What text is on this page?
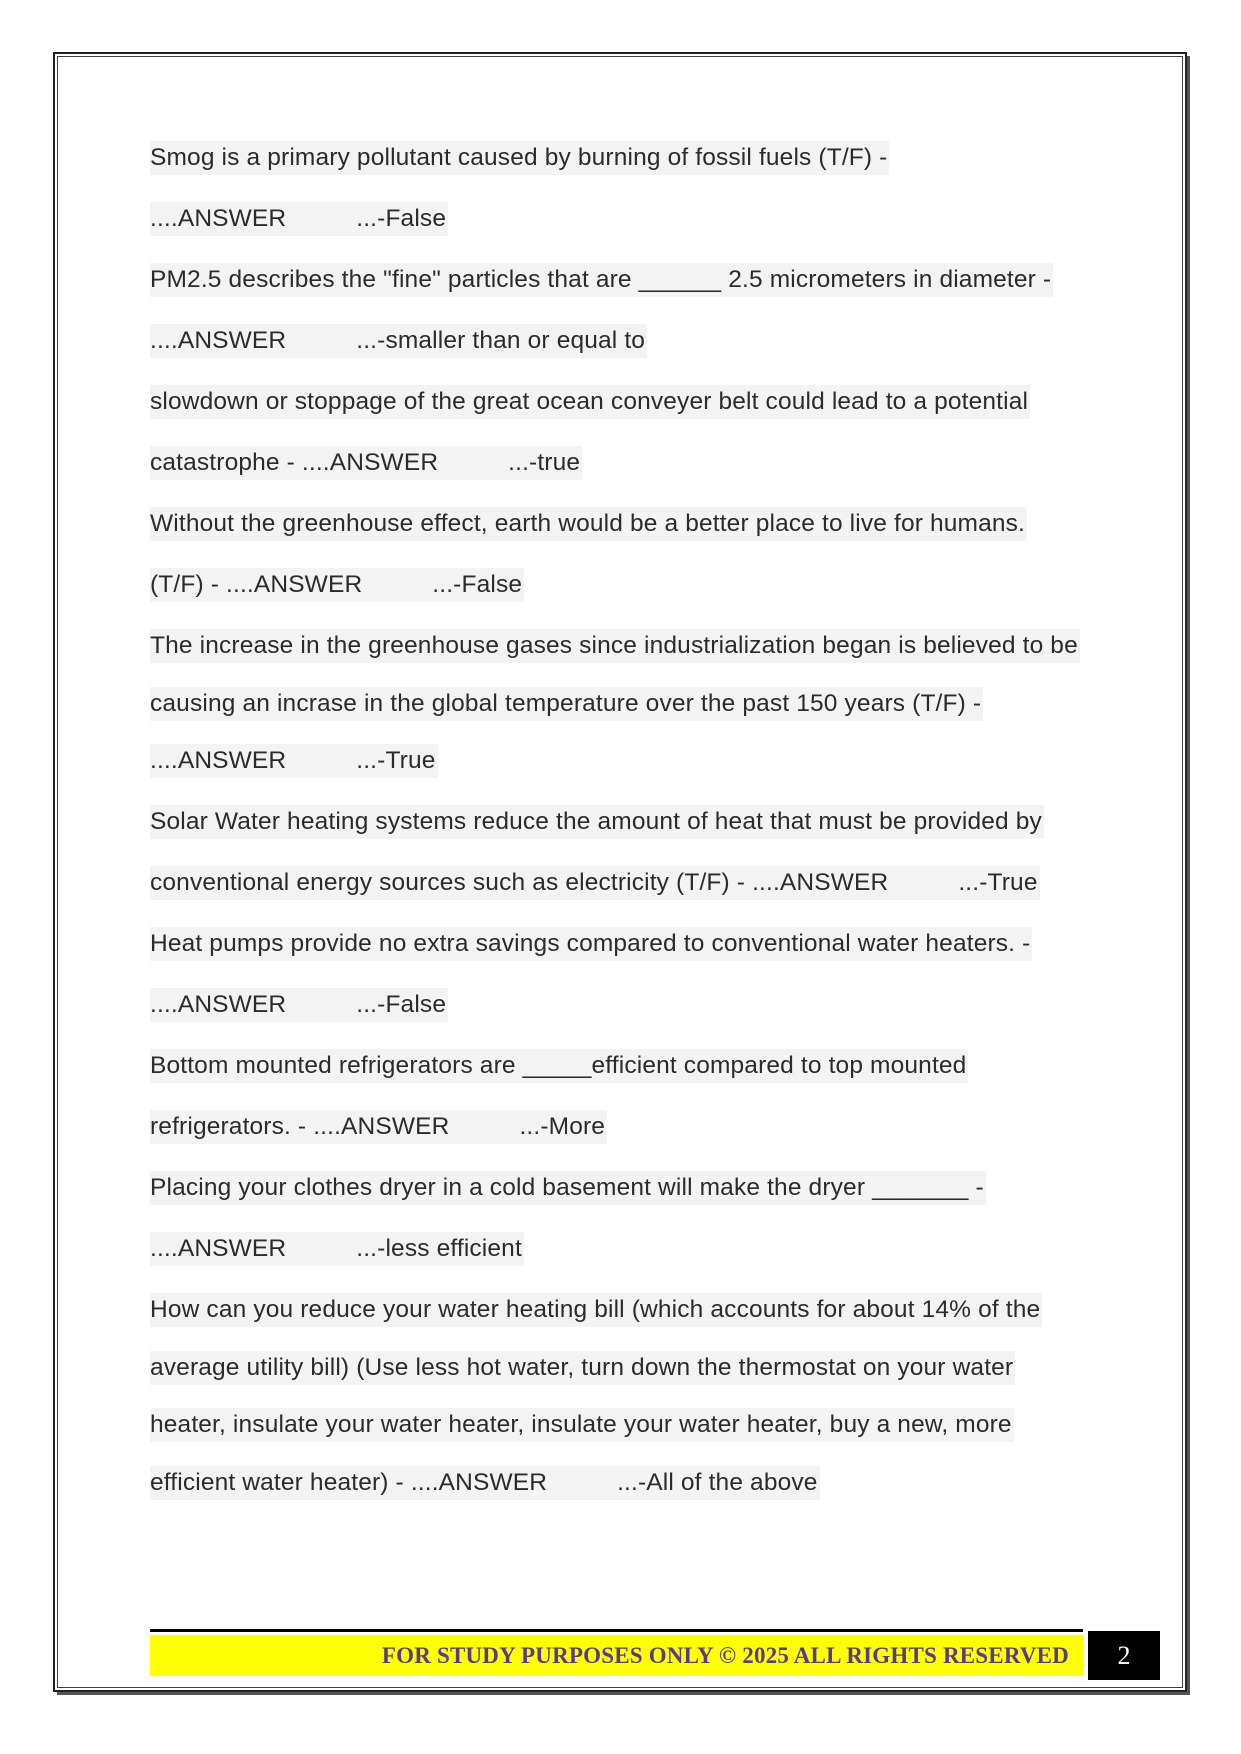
Smog is a primary pollutant caused by burning of fossil fuels (T/F) -
....ANSWER	...-False
PM2.5 describes the "fine" particles that are ______ 2.5 micrometers in diameter -
....ANSWER	...-smaller than or equal to
slowdown or stoppage of the great ocean conveyer belt could lead to a potential
catastrophe - ....ANSWER	...-true
Without the greenhouse effect, earth would be a better place to live for humans.
(T/F) - ....ANSWER	...-False
The increase in the greenhouse gases since industrialization began is believed to be
causing an incrase in the global temperature over the past 150 years (T/F) -
....ANSWER	...-True
Solar Water heating systems reduce the amount of heat that must be provided by
conventional energy sources such as electricity (T/F) - ....ANSWER	...-True
Heat pumps provide no extra savings compared to conventional water heaters. -
....ANSWER	...-False
Bottom mounted refrigerators are _____efficient compared to top mounted
refrigerators. - ....ANSWER	...-More
Placing your clothes dryer in a cold basement will make the dryer _______ -
....ANSWER	...-less efficient
How can you reduce your water heating bill (which accounts for about 14% of the
average utility bill) (Use less hot water, turn down the thermostat on your water
heater, insulate your water heater, insulate your water heater, buy a new, more
efficient water heater) - ....ANSWER	...-All of the above
FOR STUDY PURPOSES ONLY © 2025 ALL RIGHTS RESERVED	2
